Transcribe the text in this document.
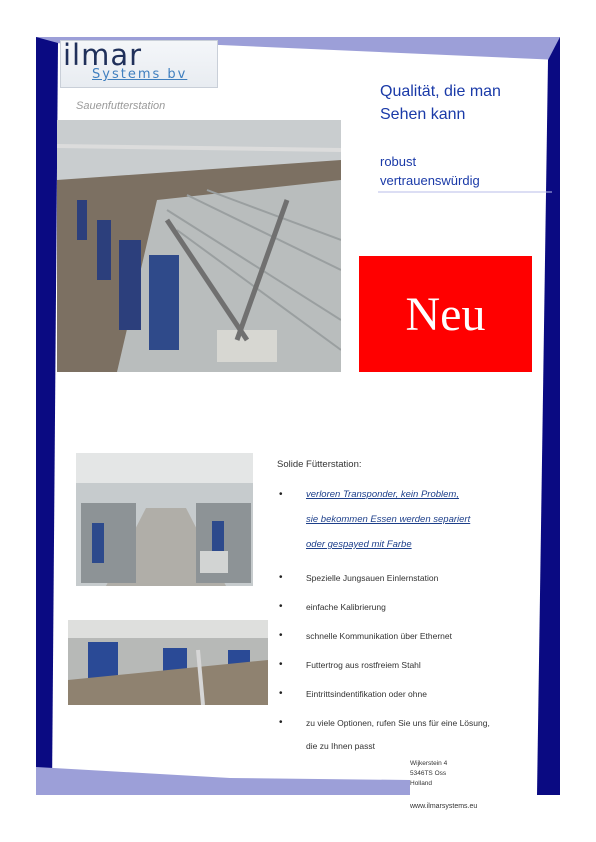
ilmar
Systems bv
Sauenfutterstation
Qualität, die man
Sehen kann
robust
vertrauenswürdig
Neu
Solide Fütterstation:
• verloren Transponder, kein Problem,
sie bekommen Essen werden separiert
oder gespayed mit Farbe
•	Spezielle Jungsauen Einlernstation
•	einfache Kalibrierung
•	schnelle Kommunikation über Ethernet
•	Futtertrog aus rostfreiem Stahl
•	Eintrittsindentifikation oder ohne
•	zu viele Optionen, rufen Sie uns für eine Lösung,
die zu Ihnen passt
Wijkerstein 4
5346TS Oss
Holland
www.ilmarsystems.eu
